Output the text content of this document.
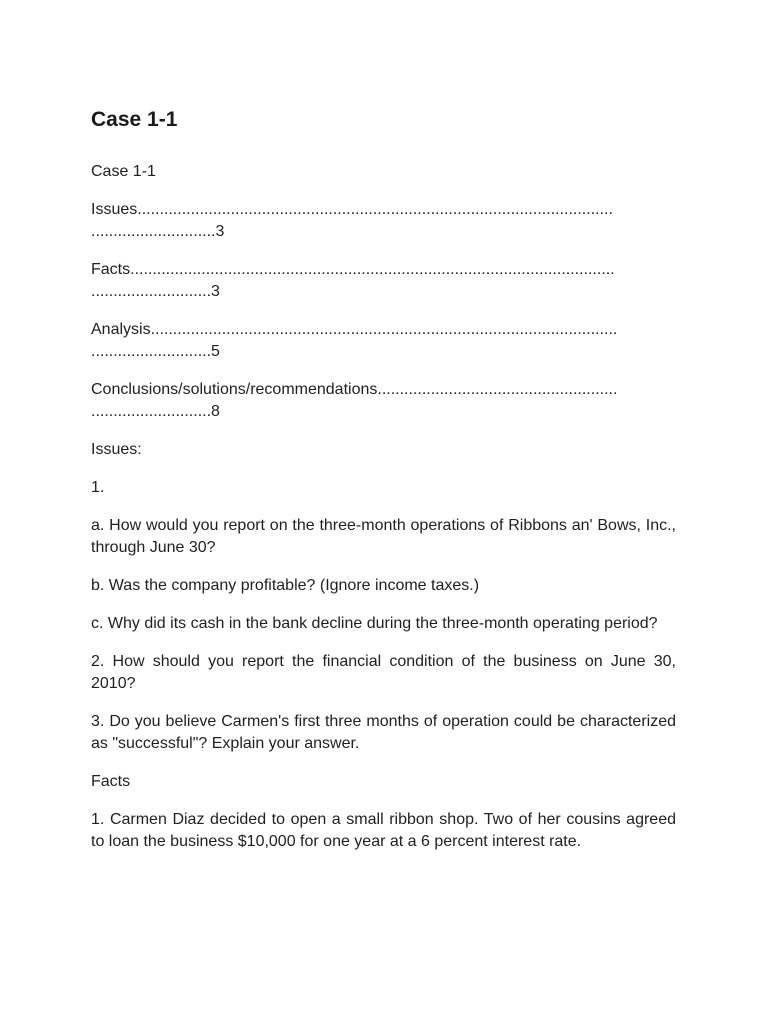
Case 1-1

Case 1-1

Issues...........................................................................................................
............................3

Facts.............................................................................................................
...........................3

Analysis.........................................................................................................
...........................5

Conclusions/solutions/recommendations......................................................
...........................8

Issues:

1.

a. How would you report on the three-month operations of Ribbons an' Bows, Inc., through June 30?

b. Was the company profitable? (Ignore income taxes.)

c. Why did its cash in the bank decline during the three-month operating period?

2. How should you report the financial condition of the business on June 30, 2010?

3. Do you believe Carmen's first three months of operation could be characterized as "successful"? Explain your answer.

Facts

1. Carmen Diaz decided to open a small ribbon shop. Two of her cousins agreed to loan the business $10,000 for one year at a 6 percent interest rate.
